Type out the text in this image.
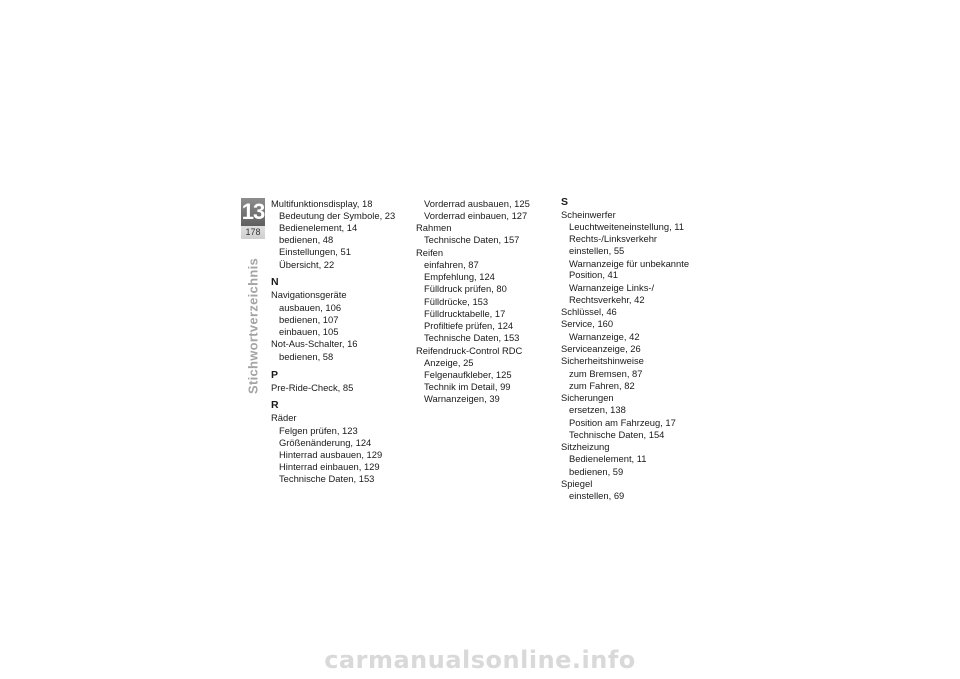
13
178
Stichwortverzeichnis
Multifunktionsdisplay, 18
Bedeutung der Symbole, 23
Bedienelement, 14
bedienen, 48
Einstellungen, 51
Übersicht, 22
N
Navigationsgeräte
ausbauen, 106
bedienen, 107
einbauen, 105
Not-Aus-Schalter, 16
bedienen, 58
P
Pre-Ride-Check, 85
R
Räder
Felgen prüfen, 123
Größenänderung, 124
Hinterrad ausbauen, 129
Hinterrad einbauen, 129
Technische Daten, 153
Vorderrad ausbauen, 125
Vorderrad einbauen, 127
Rahmen
Technische Daten, 157
Reifen
einfahren, 87
Empfehlung, 124
Fülldruck prüfen, 80
Fülldrücke, 153
Fülldrucktabelle, 17
Profiltiefe prüfen, 124
Technische Daten, 153
Reifendruck-Control RDC
Anzeige, 25
Felgenaufkleber, 125
Technik im Detail, 99
Warnanzeigen, 39
S
Scheinwerfer
Leuchtweiteneinstellung, 11
Rechts-/Linksverkehr
einstellen, 55
Warnanzeige für unbekannte
Position, 41
Warnanzeige Links-/
Rechtsverkehr, 42
Schlüssel, 46
Service, 160
Warnanzeige, 42
Serviceanzeige, 26
Sicherheitshinweise
zum Bremsen, 87
zum Fahren, 82
Sicherungen
ersetzen, 138
Position am Fahrzeug, 17
Technische Daten, 154
Sitzheizung
Bedienelement, 11
bedienen, 59
Spiegel
einstellen, 69
carmanualsonline.info
